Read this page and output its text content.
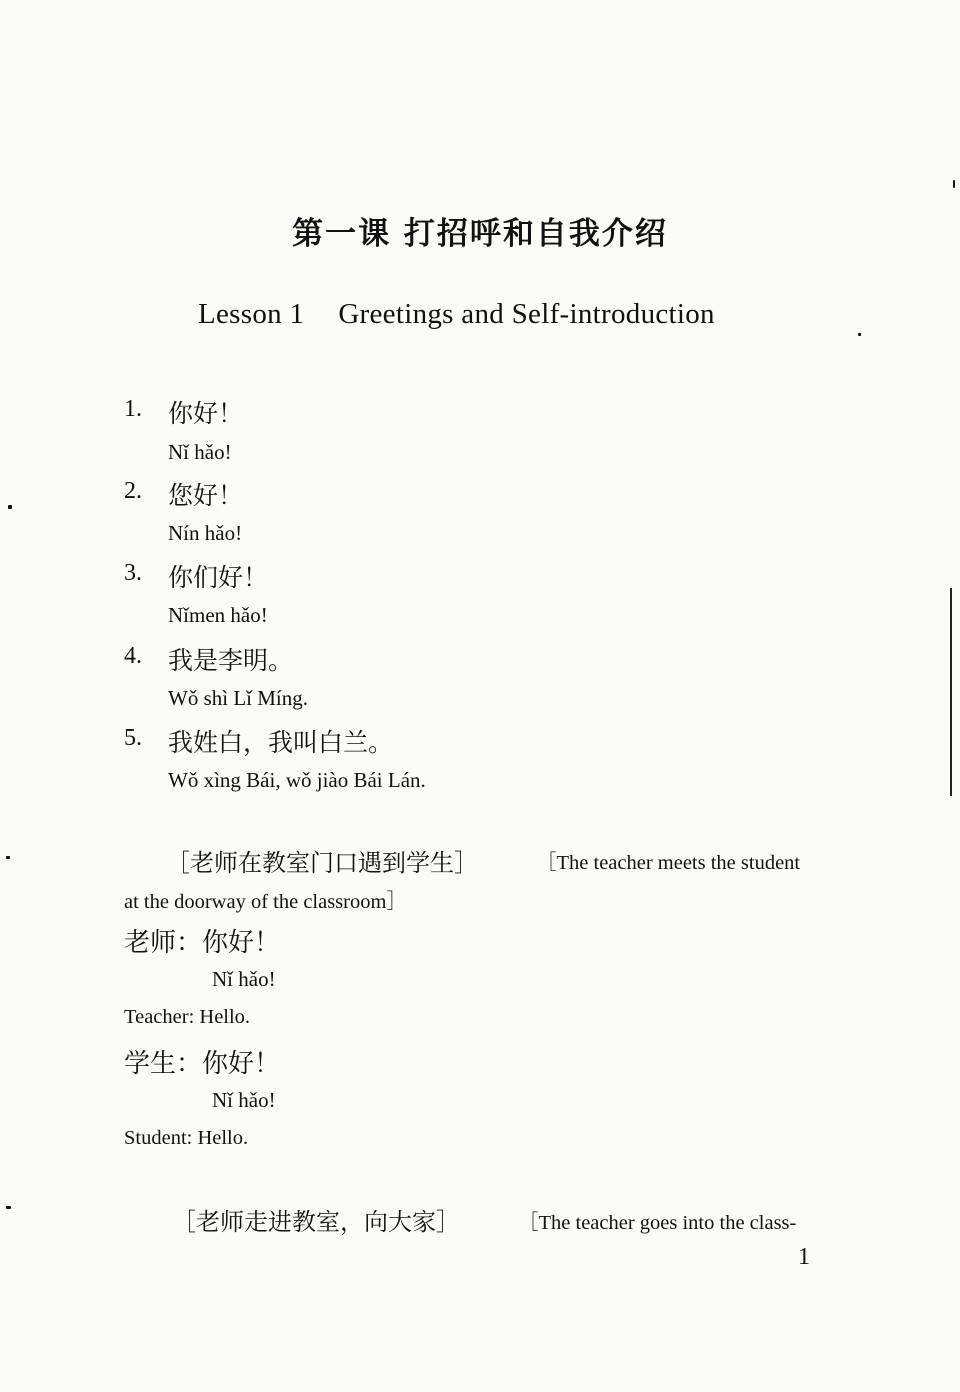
第一课 打招呼和自我介绍
Lesson 1 Greetings and Self-introduction
1. 你好！
Nǐ hǎo!
2. 您好！
Nín hǎo!
3. 你们好！
Nǐmen hǎo!
4. 我是李明。
Wǒ shì Lǐ Míng.
5. 我姓白，我叫白兰。
Wǒ xìng Bái, wǒ jiào Bái Lán.
［老师在教室门口遇到学生］	［The teacher meets the student
at the doorway of the classroom］
老师：你好！
Nǐ hǎo!
Teacher: Hello.
学生：你好！
Nǐ hǎo!
Student: Hello.
［老师走进教室，向大家］	［The teacher goes into the class-
1
